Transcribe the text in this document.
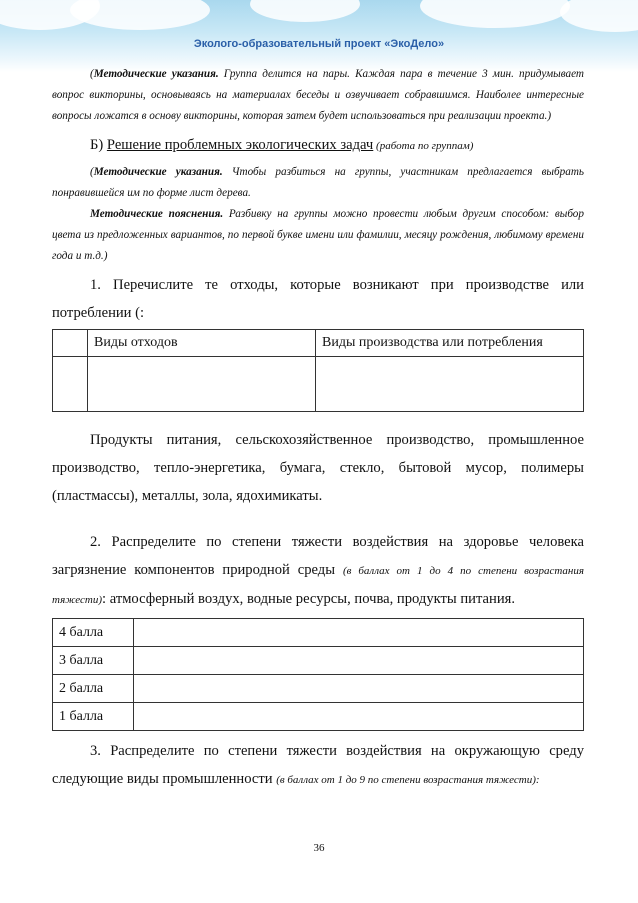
Эколого-образовательный проект «ЭкоДело»

(Методические указания. Группа делится на пары. Каждая пара в течение 3 мин. придумывает вопрос викторины, основываясь на материалах беседы и озвучивает собравшимся. Наиболее интересные вопросы ложатся в основу викторины, которая затем будет использоваться при реализации проекта.)

Б) Решение проблемных экологических задач (работа по группам)

(Методические указания. Чтобы разбиться на группы, участникам предлагается выбрать понравившейся им по форме лист дерева.

Методические пояснения. Разбивку на группы можно провести любым другим способом: выбор цвета из предложенных вариантов, по первой букве имени или фамилии, месяцу рождения, любимому времени года и т.д.)

1. Перечислите те отходы, которые возникают при производстве или потреблении (:

	Виды отходов	Виды производства или потребления

Продукты питания, сельскохозяйственное производство, промышленное производство, тепло-энергетика, бумага, стекло, бытовой мусор, полимеры (пластмассы), металлы, зола, ядохимикаты.

2. Распределите по степени тяжести воздействия на здоровье человека загрязнение компонентов природной среды (в баллах от 1 до 4 по степени возрастания тяжести): атмосферный воздух, водные ресурсы, почва, продукты питания.

4 балла	
3 балла	
2 балла	
1 балла	

3. Распределите по степени тяжести воздействия на окружающую среду следующие виды промышленности (в баллах от 1 до 9 по степени возрастания тяжести):

36
